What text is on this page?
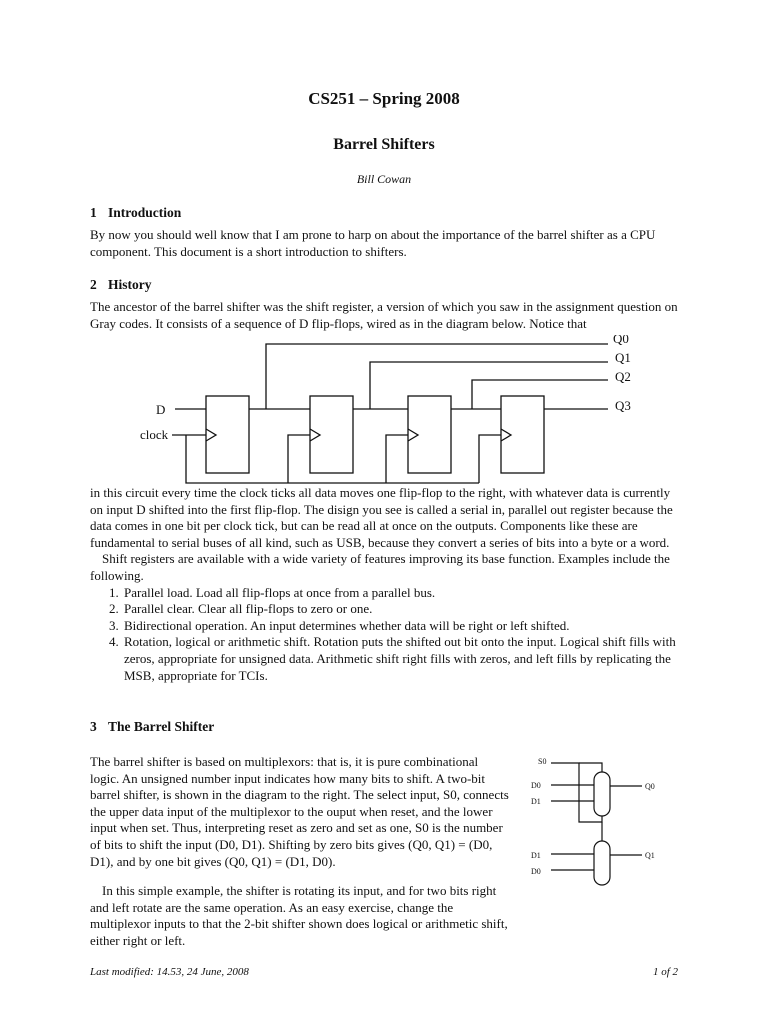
CS251 – Spring 2008
Barrel Shifters
Bill Cowan
1 Introduction

By now you should well know that I am prone to harp on about the importance of the barrel shifter as a CPU component. This document is a short introduction to shifters.

2 History

The ancestor of the barrel shifter was the shift register, a version of which you saw in the assignment question on Gray codes. It consists of a sequence of D flip-flops, wired as in the diagram below. Notice that

D
clock
Q0
Q1
Q2
Q3

in this circuit every time the clock ticks all data moves one flip-flop to the right, with whatever data is currently on input D shifted into the first flip-flop. The disign you see is called a serial in, parallel out register because the data comes in one bit per clock tick, but can be read all at once on the outputs. Components like these are fundamental to serial buses of all kind, such as USB, because they convert a series of bits into a byte or a word.

Shift registers are available with a wide variety of features improving its base function. Examples include the following.

1. Parallel load. Load all flip-flops at once from a parallel bus.
2. Parallel clear. Clear all flip-flops to zero or one.
3. Bidirectional operation. An input determines whether data will be right or left shifted.
4. Rotation, logical or arithmetic shift. Rotation puts the shifted out bit onto the input. Logical shift fills with zeros, appropriate for unsigned data. Arithmetic shift right fills with zeros, and left fills by replicating the MSB, appropriate for TCIs.
3 The Barrel Shifter

The barrel shifter is based on multiplexors: that is, it is pure combinational logic. An unsigned number input indicates how many bits to shift. A two-bit barrel shifter, is shown in the diagram to the right. The select input, S0, connects the upper data input of the multiplexor to the ouput when reset, and the lower input when set. Thus, interpreting reset as zero and set as one, S0 is the number of bits to shift the input (D0, D1). Shifting by zero bits gives (Q0, Q1) = (D0, D1), and by one bit gives (Q0, Q1) = (D1, D0).

In this simple example, the shifter is rotating its input, and for two bits right and left rotate are the same operation. As an easy exercise, change the multiplexor inputs to that the 2-bit shifter shown does logical or arithmetic shift, either right or left.

S0
D0
D1
Q0
D1
D0
Q1
Last modified: 14.53, 24 June, 2008	1 of 2
